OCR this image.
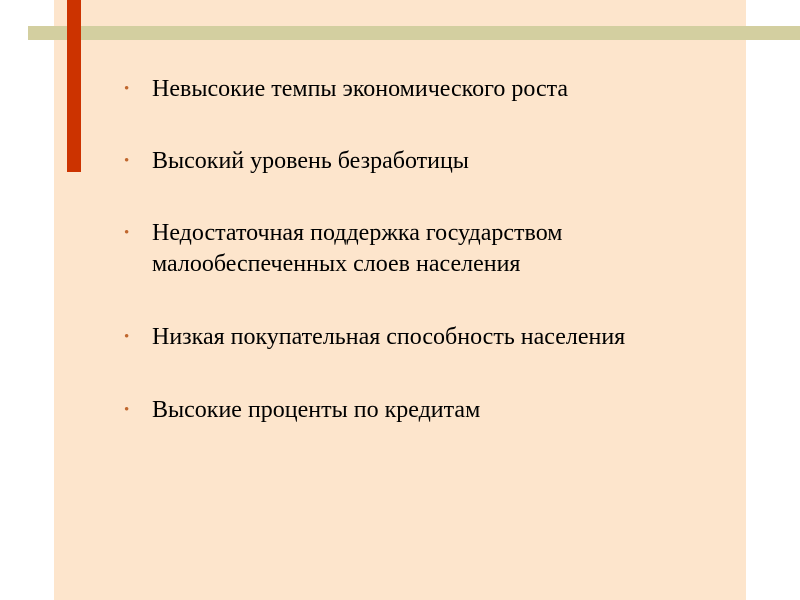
• Невысокие темпы экономического роста
• Высокий уровень безработицы
• Недостаточная поддержка государством малообеспеченных слоев населения
• Низкая покупательная способность населения
• Высокие проценты по кредитам
